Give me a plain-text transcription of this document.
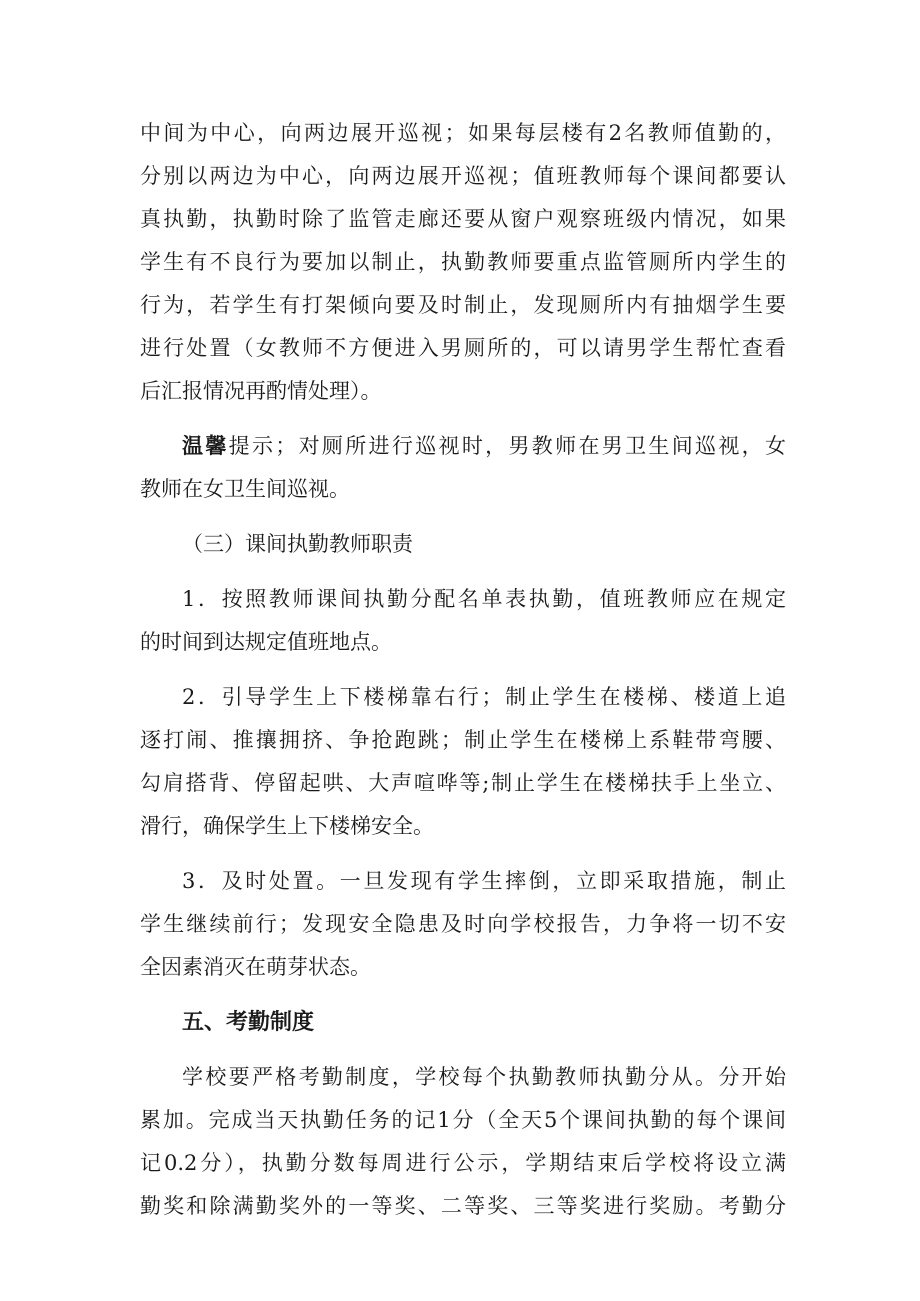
中间为中心，向两边展开巡视；如果每层楼有2名教师值勤的，
分别以两边为中心，向两边展开巡视；值班教师每个课间都要认
真执勤，执勤时除了监管走廊还要从窗户观察班级内情况，如果
学生有不良行为要加以制止，执勤教师要重点监管厕所内学生的
行为，若学生有打架倾向要及时制止，发现厕所内有抽烟学生要
进行处置（女教师不方便进入男厕所的，可以请男学生帮忙查看
后汇报情况再酌情处理）。
温馨提示；对厕所进行巡视时，男教师在男卫生间巡视，女
教师在女卫生间巡视。
（三）课间执勤教师职责
1．按照教师课间执勤分配名单表执勤，值班教师应在规定
的时间到达规定值班地点。
2．引导学生上下楼梯靠右行；制止学生在楼梯、楼道上追
逐打闹、推攘拥挤、争抢跑跳；制止学生在楼梯上系鞋带弯腰、
勾肩搭背、停留起哄、大声喧哗等;制止学生在楼梯扶手上坐立、
滑行，确保学生上下楼梯安全。
3．及时处置。一旦发现有学生摔倒，立即采取措施，制止
学生继续前行；发现安全隐患及时向学校报告，力争将一切不安
全因素消灭在萌芽状态。
五、考勤制度
学校要严格考勤制度，学校每个执勤教师执勤分从。分开始
累加。完成当天执勤任务的记1分（全天5个课间执勤的每个课间
记0.2分），执勤分数每周进行公示，学期结束后学校将设立满
勤奖和除满勤奖外的一等奖、二等奖、三等奖进行奖励。考勤分
